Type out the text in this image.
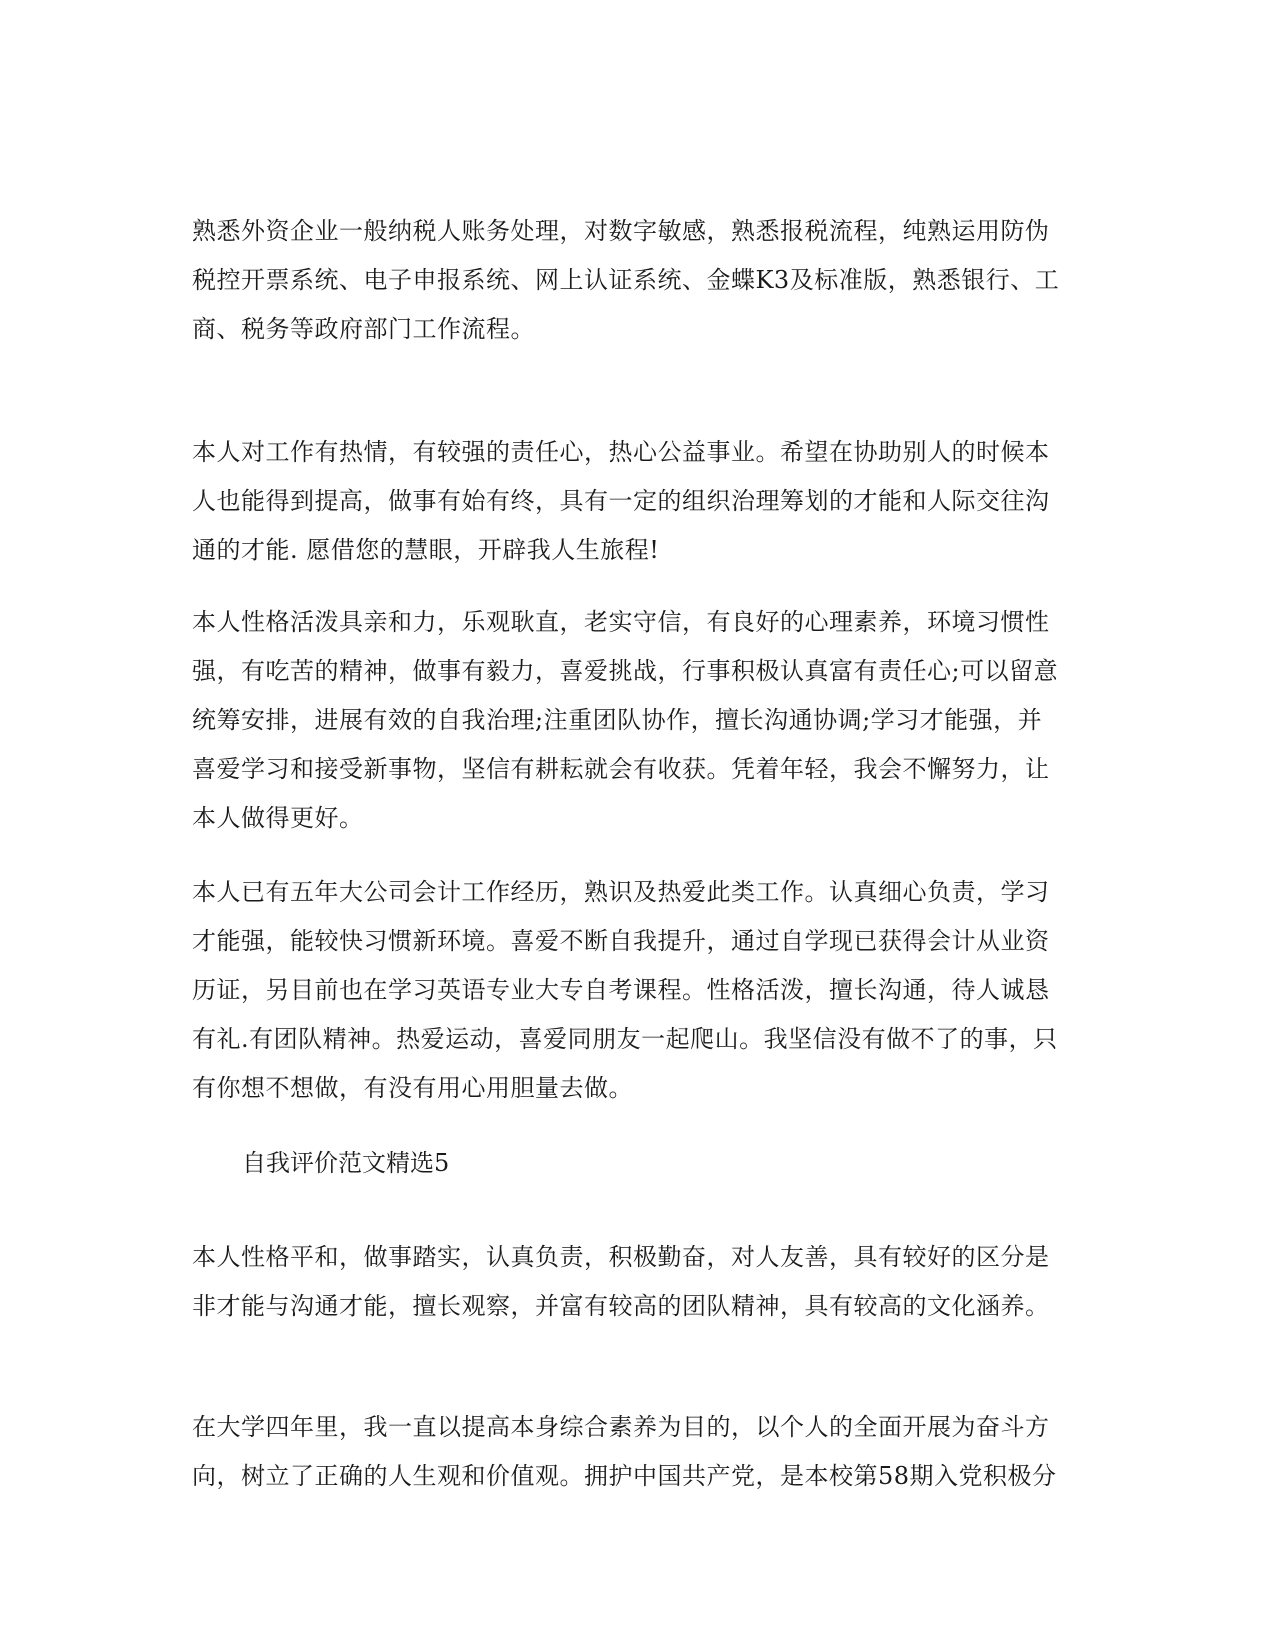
熟悉外资企业一般纳税人账务处理，对数字敏感，熟悉报税流程，纯熟运用防伪
税控开票系统、电子申报系统、网上认证系统、金蝶K3及标准版，熟悉银行、工
商、税务等政府部门工作流程。

本人对工作有热情，有较强的责任心，热心公益事业。希望在协助别人的时候本
人也能得到提高，做事有始有终，具有一定的组织治理筹划的才能和人际交往沟
通的才能. 愿借您的慧眼，开辟我人生旅程!

本人性格活泼具亲和力，乐观耿直，老实守信，有良好的心理素养，环境习惯性
强，有吃苦的精神，做事有毅力，喜爱挑战，行事积极认真富有责任心;可以留意
统筹安排，进展有效的自我治理;注重团队协作，擅长沟通协调;学习才能强，并
喜爱学习和接受新事物，坚信有耕耘就会有收获。凭着年轻，我会不懈努力，让
本人做得更好。

本人已有五年大公司会计工作经历，熟识及热爱此类工作。认真细心负责，学习
才能强，能较快习惯新环境。喜爱不断自我提升，通过自学现已获得会计从业资
历证，另目前也在学习英语专业大专自考课程。性格活泼，擅长沟通，待人诚恳
有礼.有团队精神。热爱运动，喜爱同朋友一起爬山。我坚信没有做不了的事，只
有你想不想做，有没有用心用胆量去做。

自我评价范文精选5

本人性格平和，做事踏实，认真负责，积极勤奋，对人友善，具有较好的区分是
非才能与沟通才能，擅长观察，并富有较高的团队精神，具有较高的文化涵养。

在大学四年里，我一直以提高本身综合素养为目的，以个人的全面开展为奋斗方
向，树立了正确的人生观和价值观。拥护中国共产党，是本校第58期入党积极分
